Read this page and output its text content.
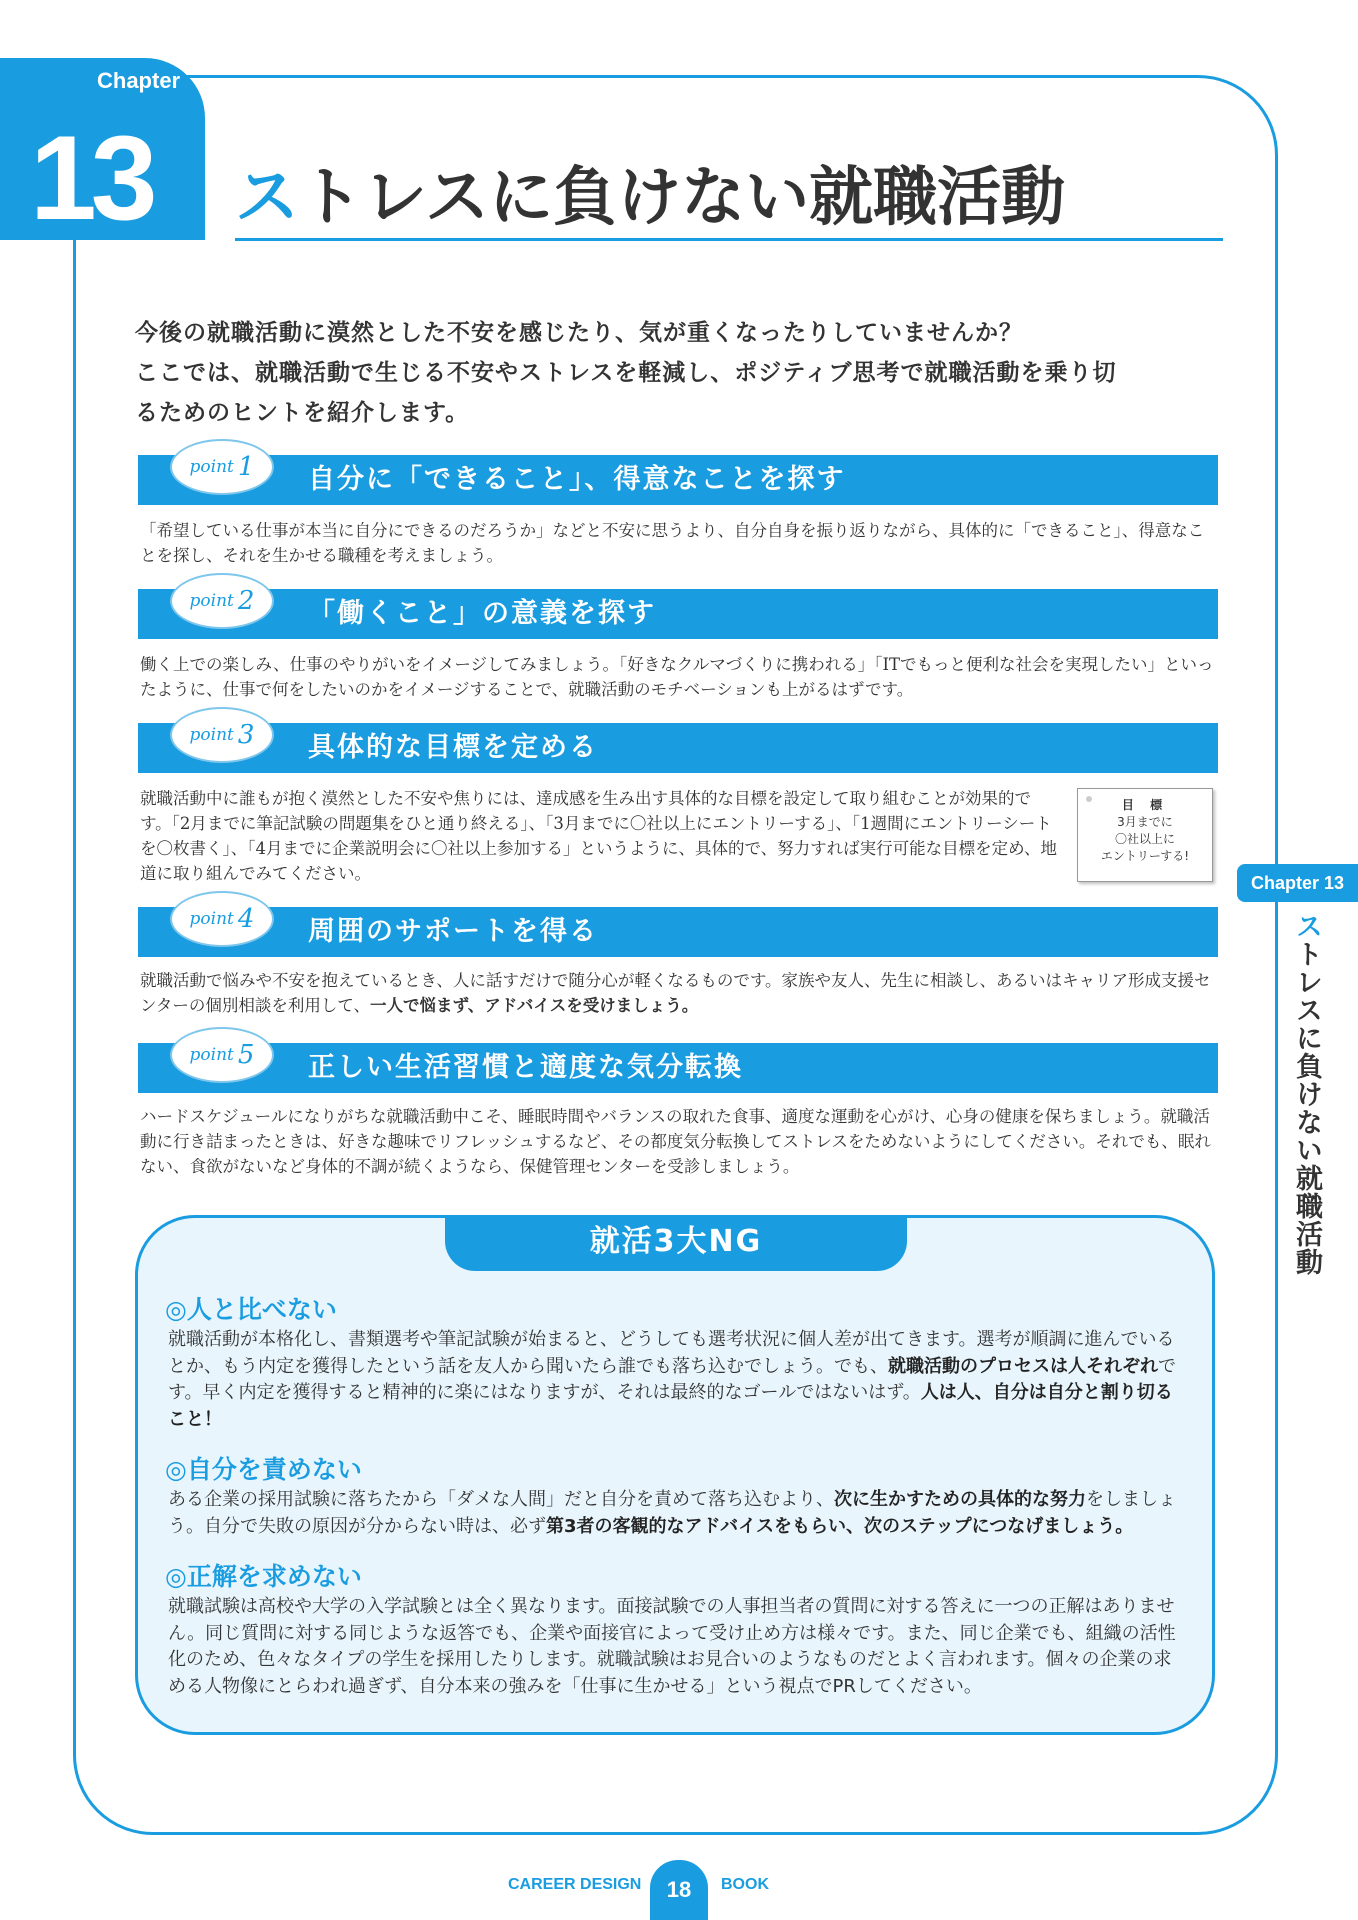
Chapter
13 ストレスに負けない就職活動
今後の就職活動に漠然とした不安を感じたり、気が重くなったりしていませんか？
ここでは、就職活動で生じる不安やストレスを軽減し、ポジティブ思考で就職活動を乗り切
るためのヒントを紹介します。
point 1 自分に「できること」、得意なことを探す
「希望している仕事が本当に自分にできるのだろうか」などと不安に思うより、自分自身を振り返りながら、具体的に「できること」、得意なことを探し、それを生かせる職種を考えましょう。
point 2 「働くこと」の意義を探す
働く上での楽しみ、仕事のやりがいをイメージしてみましょう。「好きなクルマづくりに携われる」「ITでもっと便利な社会を実現したい」といったように、仕事で何をしたいのかをイメージすることで、就職活動のモチベーションも上がるはずです。
point 3 具体的な目標を定める
就職活動中に誰もが抱く漠然とした不安や焦りには、達成感を生み出す具体的な目標を設定して取り組むことが効果的です。「2月までに筆記試験の問題集をひと通り終える」、「3月までに〇社以上にエントリーする」、「1週間にエントリーシートを〇枚書く」、「4月までに企業説明会に〇社以上参加する」というように、具体的で、努力すれば実行可能な目標を定め、地道に取り組んでみてください。
目 標
3月までに
〇社以上に
エントリーする!
point 4 周囲のサポートを得る
就職活動で悩みや不安を抱えているとき、人に話すだけで随分心が軽くなるものです。家族や友人、先生に相談し、あるいはキャリア形成支援センターの個別相談を利用して、一人で悩まず、アドバイスを受けましょう。
point 5 正しい生活習慣と適度な気分転換
ハードスケジュールになりがちな就職活動中こそ、睡眠時間やバランスの取れた食事、適度な運動を心がけ、心身の健康を保ちましょう。就職活動に行き詰まったときは、好きな趣味でリフレッシュするなど、その都度気分転換してストレスをためないようにしてください。それでも、眠れない、食欲がないなど身体的不調が続くようなら、保健管理センターを受診しましょう。
Chapter 13
ストレスに負けない就職活動
就活3大NG
◎人と比べない
就職活動が本格化し、書類選考や筆記試験が始まると、どうしても選考状況に個人差が出てきます。選考が順調に進んでいるとか、もう内定を獲得したという話を友人から聞いたら誰でも落ち込むでしょう。でも、就職活動のプロセスは人それぞれです。早く内定を獲得すると精神的に楽にはなりますが、それは最終的なゴールではないはず。人は人、自分は自分と割り切ること！
◎自分を責めない
ある企業の採用試験に落ちたから「ダメな人間」だと自分を責めて落ち込むより、次に生かすための具体的な努力をしましょう。自分で失敗の原因が分からない時は、必ず第3者の客観的なアドバイスをもらい、次のステップにつなげましょう。
◎正解を求めない
就職試験は高校や大学の入学試験とは全く異なります。面接試験での人事担当者の質問に対する答えに一つの正解はありません。同じ質問に対する同じような返答でも、企業や面接官によって受け止め方は様々です。また、同じ企業でも、組織の活性化のため、色々なタイプの学生を採用したりします。就職試験はお見合いのようなものだとよく言われます。個々の企業の求める人物像にとらわれ過ぎず、自分本来の強みを「仕事に生かせる」という視点でPRしてください。
CAREER DESIGN	18	BOOK
